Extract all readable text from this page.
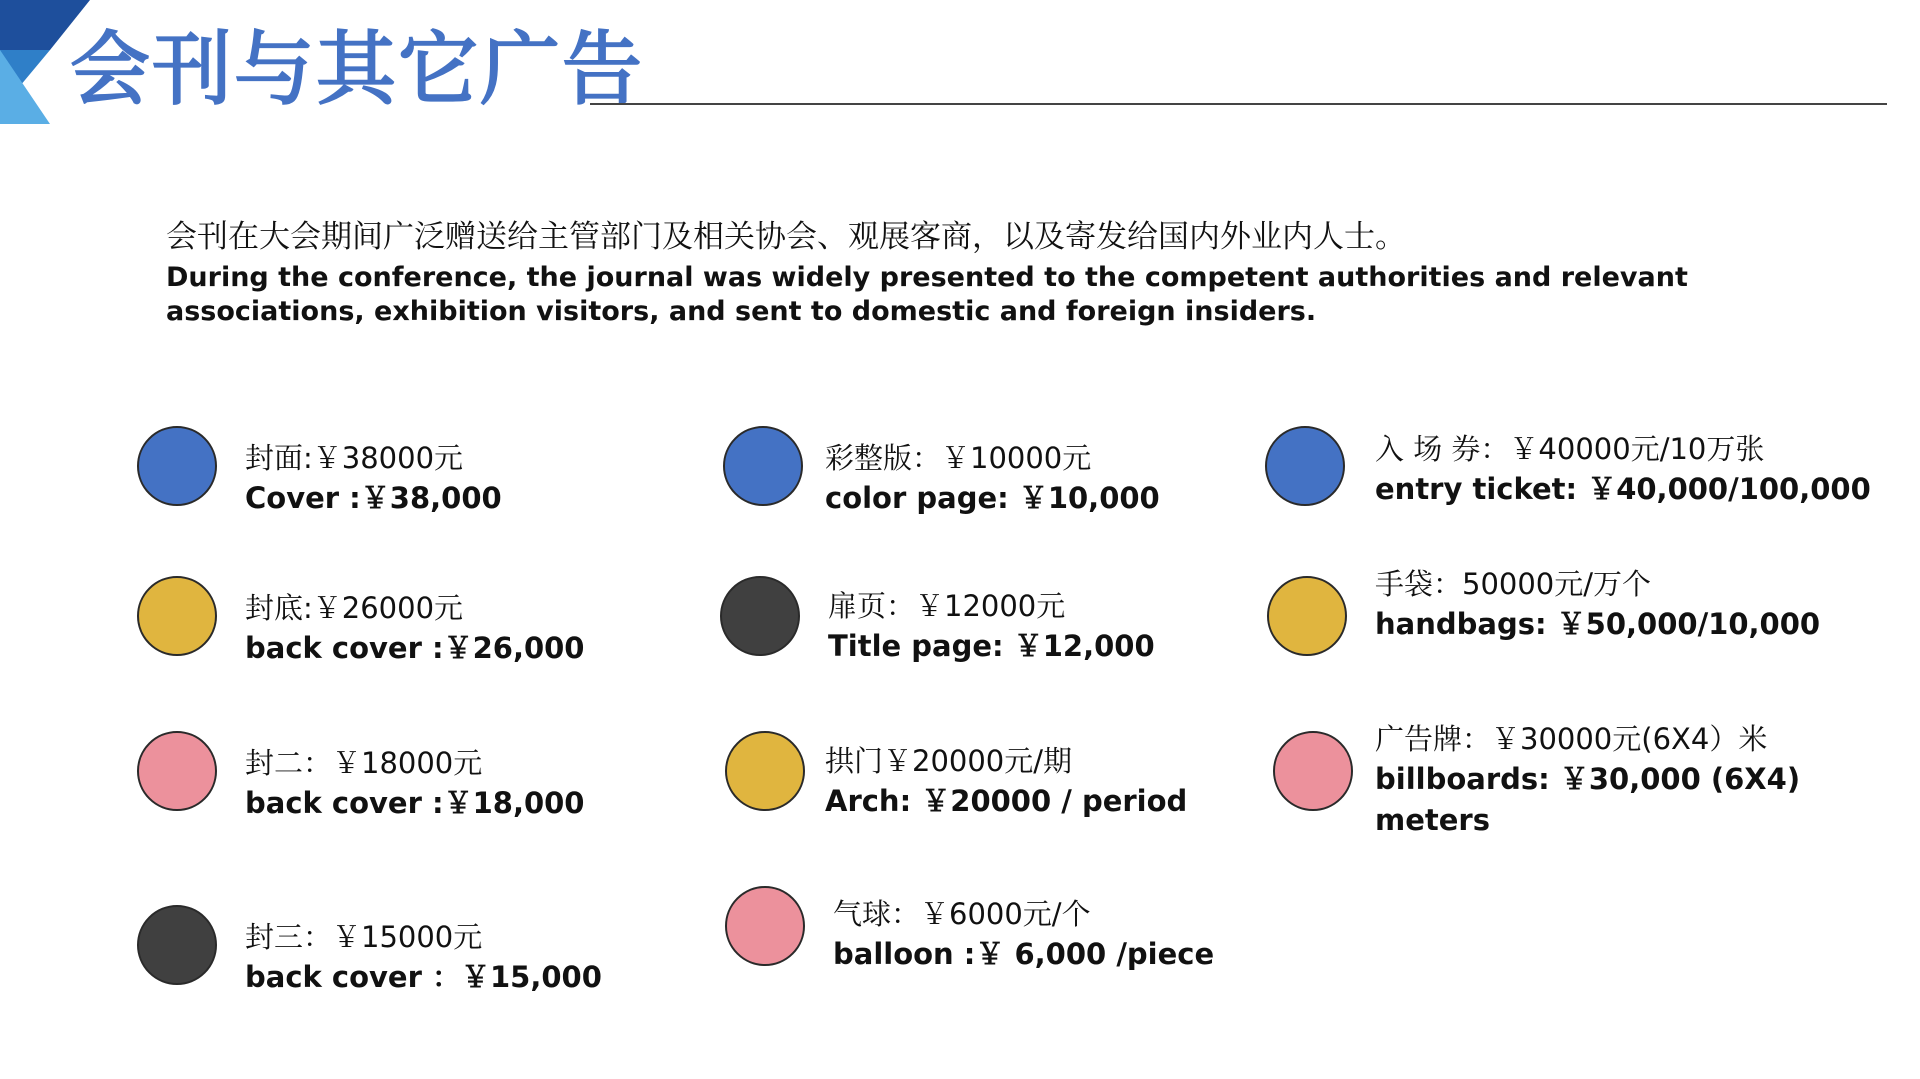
会刊与其它广告
会刊在大会期间广泛赠送给主管部门及相关协会、观展客商，以及寄发给国内外业内人士。
During the conference, the journal was widely presented to the competent authorities and relevant associations, exhibition visitors, and sent to domestic and foreign insiders.
封面:￥38000元
Cover :￥38,000
封底:￥26000元
back cover :￥26,000
封二：￥18000元
back cover :￥18,000
封三：￥15000元
back cover ：￥15,000
彩整版：￥10000元
color page: ￥10,000
扉页：￥12000元
Title page: ￥12,000
拱门￥20000元/期
Arch: ￥20000 / period
气球：￥6000元/个
balloon :￥ 6,000 /piece
入 场 券：￥40000元/10万张
entry ticket: ￥40,000/100,000
手袋：50000元/万个
handbags: ￥50,000/10,000
广告牌：￥30000元(6X4）米
billboards: ￥30,000 (6X4)
meters
